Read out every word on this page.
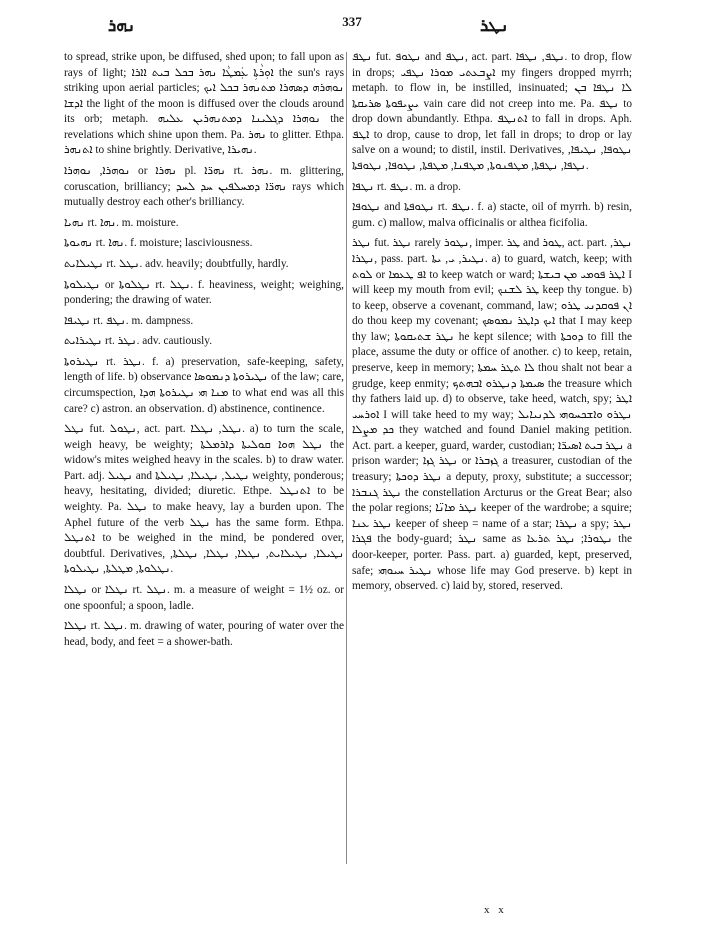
ܢܗܪ	337	ܢܛܪ

to spread, strike upon, be diffused, shed upon; to fall upon as rays of light; ܐܘܼܪܵܬܼܐ ܥܲܡܛܵܐ ܢܗܪ ܒܟܠ ܒܝܬ ܐܐܪܐ the sun's rays striking upon aerial particles; ܢܘܗܪܗ ܕܣܗܪܐ ܡܬܢܗܪ ܒܟܠ ܐܝܟ ܐܕܫܐ the light of the moon is diffused over the clouds around its orb; metaph. ܢܘܗܪܐ ܕܓܠܝܢܐ ܕܡܬܢܗܪܝܢ ܥܠܝܗ the revelations which shine upon them. Pa. ܢܗܪ to glitter. Ethpa. ܐܬܢܗܪ to shine brightly. Derivative, ܢܗܝܪܐ.

ܢܘܗܪܐ, ܢܘܗܪܐ or ܢܗܪܐ pl. ܢܗܪ̈ܐ rt. ܢܗܪ. m. glittering, coruscation, brilliancy; ܢܗܪ̈ܐ ܕܡܚܠܦܝܢ ܚܕ ܠܚܕ rays which mutually destroy each other's brilliancy.

ܢܗܝܐ rt. ܢܗܐ. m. moisture.

ܢܗܝܘܬܐ rt. ܢܗܐ. f. moisture; lasciviousness.

ܢܛܝܠܐܝܬ rt. ܢܛܠ. adv. heavily; doubtfully, hardly.

ܢܛܝܠܘܬܐ or ܢܛܠܘܬܐ rt. ܢܛܠ. f. heaviness, weight; weighing, pondering; the drawing of water.

ܢܛܝܦܐ rt. ܢܛܦ. m. dampness.

ܢܛܝܪܐܝܬ rt. ܢܛܪ. adv. cautiously.

ܢܛܝܪܘܬܐ rt. ܢܛܪ. f. a) preservation, safe-keeping, safety, length of life. b) observance ܢܛܝܪܘܬܐ ܕܢܡܘܣܐ of the law; care, circumspection, ܡܢܐ ܗܝ ܢܛܝܪܘܬܐ ܗܕܐ to what end was all this care? c) astron. an observation. d) abstinence, continence.

ܢܛܠ fut. ܢܛܘܠ, act. part. ܢܛܠ, ܢܛܠܐ. a) to turn the scale, weigh heavy, be weighty; ܢܛܠ ܗܘܐ ܩܘܠܝܬܐ ܕܐܪܡܠܬܐ the widow's mites weighed heavy in the scales. b) to draw water. Part. adj. ܢܛܝܠ and ܢܛܝܠ, ܢܛܝܠܐ, ܢܛܝܠܬܐ weighty, ponderous; heavy, hesitating, divided; diuretic. Ethpe. ܐܬܢܛܠ to be weighty. Pa. ܢܛܠ to make heavy, lay a burden upon. The Aphel future of the verb ܢܛܠ has the same form. Ethpa. ܐܬܢܛܠ to be weighed in the mind, be pondered over, doubtful. Derivatives, ܢܛܝܠܐ, ܢܛܝܠܐܝܬ, ܢܛܠܐ, ܢܛܠܐ, ܢܛܠܬܐ, ܢܛܠܘܬܐ, ܡܛܠܬܐ, ܢܛܝܠܘܬܐ.

ܢܛܠܐ or ܢܛܠܐ rt. ܢܛܠ. m. a measure of weight = 1½ oz. or one spoonful; a spoon, ladle.

ܢܛܠܐ rt. ܢܛܠ. m. drawing of water, pouring of water over the head, body, and feet = a shower-bath.

ܢܛܦ fut. ܢܛܘܦ and ܢܛܦ, act. part. ܢܛܦ, ܢܛܦܐ. to drop, flow in drops; ܐܨܒܥܬܝ ܡܘܪܐ ܢܛܦܝ my fingers dropped myrrh; metaph. to flow in, be instilled, insinuated; ܠܐ ܢܛܦܐ ܒܢ ܝܨܝܦܘܬܐ ܣܪܝܩܬܐ vain care did not creep into me. Pa. ܢܛܦ to drop down abundantly. Ethpa. ܐܬܢܛܦ to fall in drops. Aph. ܐܛܦ to drop, cause to drop, let fall in drops; to drop or lay salve on a wound; to distil, instil. Derivatives, ܢܛܘܦܐ, ܢܛܝܦܐ, ܢܛܦܐ, ܢܛܦܬܐ, ܡܛܦܢܘܬܐ, ܡܛܦܢܐ, ܡܛܦܬܐ, ܢܛܘܦܐ, ܢܛܘܦܬܐ.

ܢܛܦܐ rt. ܢܛܦ. m. a drop.

ܢܛܘܦܐ and ܢܛܘܦܬܐ rt. ܢܛܦ. f. a) stacte, oil of myrrh. b) resin, gum. c) mallow, malva officinalis or althea ficifolia.

ܢܛܪ fut. ܢܛܪ rarely ܢܛܘܪ, imper. ܛܪ and ܛܘܪ, act. part. ܢܛܪ, ܢܛܪܐ, pass. part. ܢܛܝܪ, ܝ, ܝܬܐ. a) to guard, watch, keep; with ܠܘܬ or ܐܦ ܛܥܡܐ to keep watch or ward; ܐܛܪ ܦܘܡܝ ܡܢ ܒܝܫܬܐ I will keep my mouth from evil; ܛܪ ܠܫܢܟ keep thy tongue. b) to keep, observe a covenant, command, law; ܐܢ ܦܘܩܕܢܝ ܛܪܘ do thou keep my covenant; ܐܝܟ ܕܐܛܪ ܢܡܘܣܟ that I may keep thy law; ܢܛܪ ܫܬܝܩܘܬܐ he kept silence; with ܕܘܟܬܐ to fill the place, assume the duty or office of another. c) to keep, retain, preserve, keep in memory; ܠܐ ܬܛܪ ܚܡܬܐ thou shalt not bear a grudge, keep enmity; ܣܝܡܬܐ ܕܢܛܪܘ ܐܒܗܬܟ the treasure which thy fathers laid up. d) to observe, take heed, watch, spy; ܐܛܪ ܐܘܪܚܝ I will take heed to my way; ܢܛܪܘ ܘܐܫܟܚܘܗܝ ܠܕܢܝܐܝܠ ܟܕ ܡܨܠܐ they watched and found Daniel making petition. Act. part. a keeper, guard, warder, custodian; ܢܛܪ ܒܝܬ ܐܣܝܪ̈ܐ a prison warder; ܢܛܪ ܓܙܐ or ܓܙܒܪܐ a treasurer, custodian of the treasury; ܢܛܪ ܕܘܟܬܐ a deputy, proxy, substitute; a successor; ܢܛܪ ܓܢܒܪܐ the constellation Arcturus or the Great Bear; also the polar regions; ܢܛܪ ܡܐܢ̈ܐ keeper of the wardrobe; a squire; ܢܛܪ ܥܢܐ keeper of sheep = name of a star; ܢܛܪܐ a spy; ܢܛܪ ܦܓܪܐ the body-guard; ܢܛܪ same as ܢܛܘܪܐ; ܢܛܪ ܬܪܥܐ the door-keeper, porter. Pass. part. a) guarded, kept, preserved, safe; ܢܛܝܪ ܚܝܘܗܝ whose life may God preserve. b) kept in memory, observed. c) laid by, stored, reserved.

x x
